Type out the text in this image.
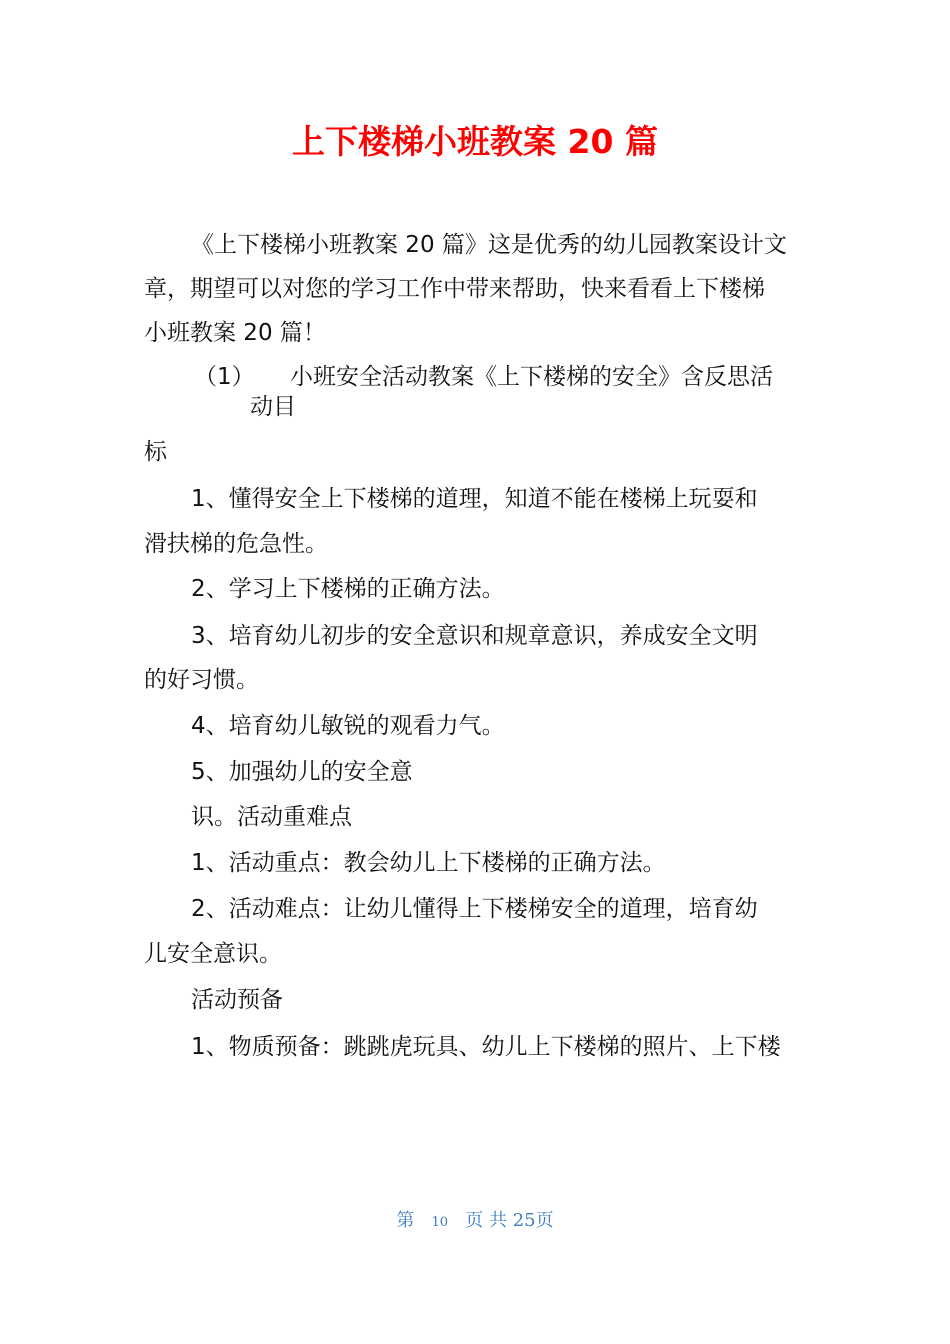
上下楼梯小班教案 20 篇
《上下楼梯小班教案 20 篇》这是优秀的幼儿园教案设计文
章，期望可以对您的学习工作中带来帮助，快来看看上下楼梯
小班教案 20 篇！
（1） 小班安全活动教案《上下楼梯的安全》含反思活
动目
标
1、懂得安全上下楼梯的道理，知道不能在楼梯上玩耍和
滑扶梯的危急性。
2、学习上下楼梯的正确方法。
3、培育幼儿初步的安全意识和规章意识，养成安全文明
的好习惯。
4、培育幼儿敏锐的观看力气。
5、加强幼儿的安全意
识。活动重难点
1、活动重点：教会幼儿上下楼梯的正确方法。
2、活动难点：让幼儿懂得上下楼梯安全的道理，培育幼
儿安全意识。
活动预备
1、物质预备：跳跳虎玩具、幼儿上下楼梯的照片、上下楼
第 10 页 共 25页
